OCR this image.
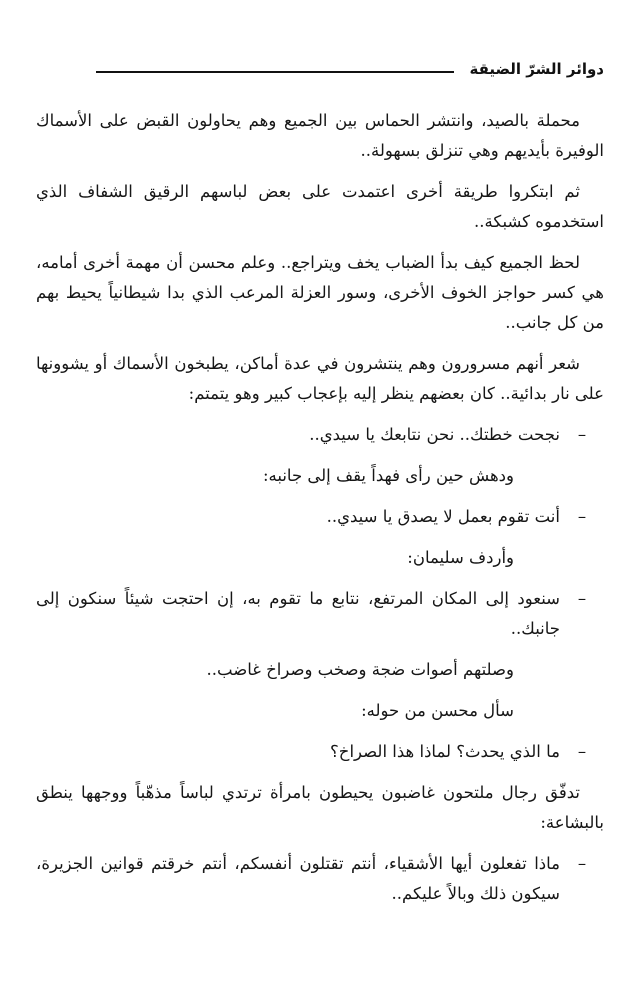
دوائر الشرّ الضيقة

محملة بالصيد، وانتشر الحماس بين الجميع وهم يحاولون القبض على الأسماك الوفيرة بأيديهم وهي تنزلق بسهولة..

ثم ابتكروا طريقة أخرى اعتمدت على بعض لباسهم الرقيق الشفاف الذي استخدموه كشبكة..

لحظ الجميع كيف بدأ الضباب يخف ويتراجع.. وعلم محسن أن مهمة أخرى أمامه، هي كسر حواجز الخوف الأخرى، وسور العزلة المرعب الذي بدا شيطانياً يحيط بهم من كل جانب..

شعر أنهم مسرورون وهم ينتشرون في عدة أماكن، يطبخون الأسماك أو يشوونها على نار بدائية.. كان بعضهم ينظر إليه بإعجاب كبير وهو يتمتم:

–
نجحت خطتك.. نحن نتابعك يا سيدي..

ودهش حين رأى فهداً يقف إلى جانبه:

–
أنت تقوم بعمل لا يصدق يا سيدي..

وأردف سليمان:

–
سنعود إلى المكان المرتفع، نتابع ما تقوم به، إن احتجت شيئاً سنكون إلى جانبك..

وصلتهم أصوات ضجة وصخب وصراخ غاضب..

سأل محسن من حوله:

–
ما الذي يحدث؟ لماذا هذا الصراخ؟

تدفّق رجال ملتحون غاضبون يحيطون بامرأة ترتدي لباساً مذهّباً ووجهها ينطق بالبشاعة:

–
ماذا تفعلون أيها الأشقياء، أنتم تقتلون أنفسكم، أنتم خرقتم قوانين الجزيرة، سيكون ذلك وبالاً عليكم..
